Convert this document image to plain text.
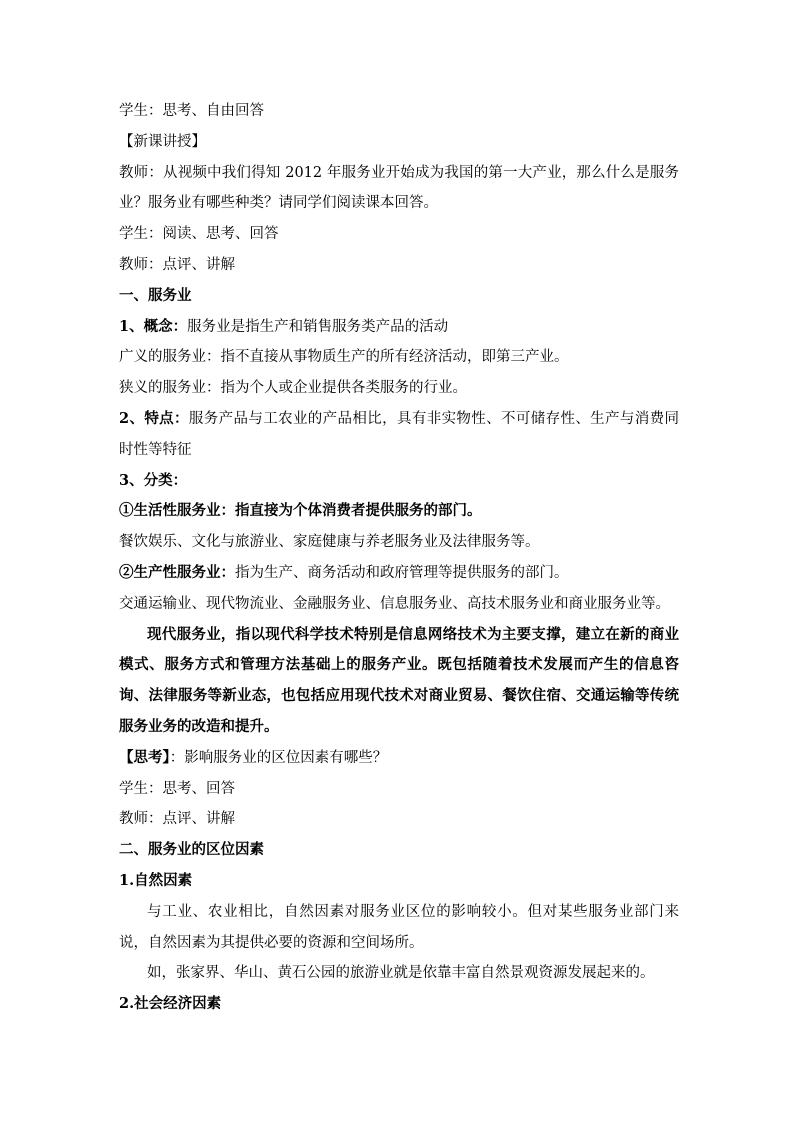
学生：思考、自由回答
【新课讲授】
教师：从视频中我们得知 2012 年服务业开始成为我国的第一大产业，那么什么是服务业？服务业有哪些种类？请同学们阅读课本回答。
学生：阅读、思考、回答
教师：点评、讲解
一、服务业
1、概念：服务业是指生产和销售服务类产品的活动
广义的服务业：指不直接从事物质生产的所有经济活动，即第三产业。
狭义的服务业：指为个人或企业提供各类服务的行业。
2、特点：服务产品与工农业的产品相比，具有非实物性、不可储存性、生产与消费同时性等特征
3、分类：
①生活性服务业：指直接为个体消费者提供服务的部门。
餐饮娱乐、文化与旅游业、家庭健康与养老服务业及法律服务等。
②生产性服务业：指为生产、商务活动和政府管理等提供服务的部门。
交通运输业、现代物流业、金融服务业、信息服务业、高技术服务业和商业服务业等。
现代服务业，指以现代科学技术特别是信息网络技术为主要支撑，建立在新的商业模式、服务方式和管理方法基础上的服务产业。既包括随着技术发展而产生的信息咨询、法律服务等新业态，也包括应用现代技术对商业贸易、餐饮住宿、交通运输等传统服务业务的改造和提升。
【思考】：影响服务业的区位因素有哪些？
学生：思考、回答
教师：点评、讲解
二、服务业的区位因素
1.自然因素
与工业、农业相比，自然因素对服务业区位的影响较小。但对某些服务业部门来说，自然因素为其提供必要的资源和空间场所。
如，张家界、华山、黄石公园的旅游业就是依靠丰富自然景观资源发展起来的。
2.社会经济因素
